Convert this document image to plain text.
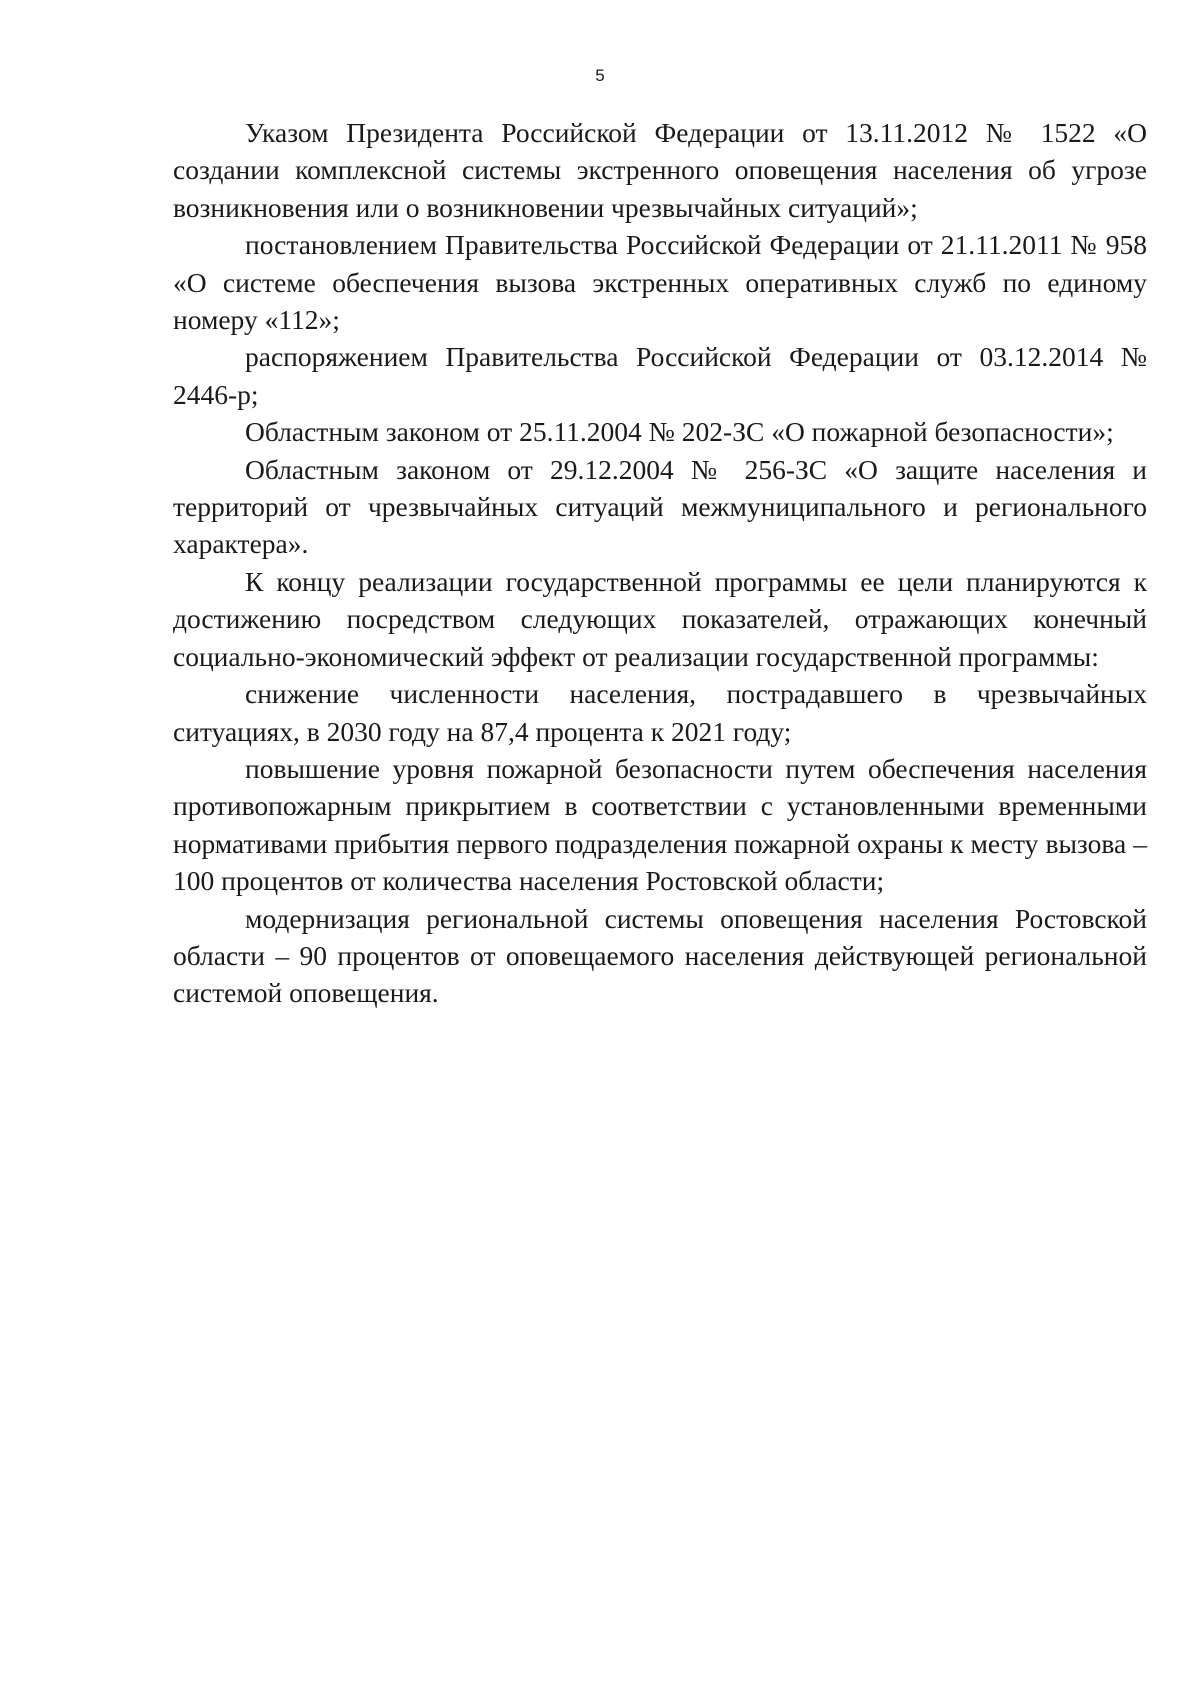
5

Указом Президента Российской Федерации от 13.11.2012 № 1522 «О создании комплексной системы экстренного оповещения населения об угрозе возникновения или о возникновении чрезвычайных ситуаций»;

постановлением Правительства Российской Федерации от 21.11.2011 № 958 «О системе обеспечения вызова экстренных оперативных служб по единому номеру «112»;

распоряжением Правительства Российской Федерации от 03.12.2014 № 2446-р;

Областным законом от 25.11.2004 № 202-ЗС «О пожарной безопасности»;

Областным законом от 29.12.2004 № 256-ЗС «О защите населения и территорий от чрезвычайных ситуаций межмуниципального и регионального характера».

К концу реализации государственной программы ее цели планируются к достижению посредством следующих показателей, отражающих конечный социально-экономический эффект от реализации государственной программы:

снижение численности населения, пострадавшего в чрезвычайных ситуациях, в 2030 году на 87,4 процента к 2021 году;

повышение уровня пожарной безопасности путем обеспечения населения противопожарным прикрытием в соответствии с установленными временными нормативами прибытия первого подразделения пожарной охраны к месту вызова – 100 процентов от количества населения Ростовской области;

модернизация региональной системы оповещения населения Ростовской области – 90 процентов от оповещаемого населения действующей региональной системой оповещения.
